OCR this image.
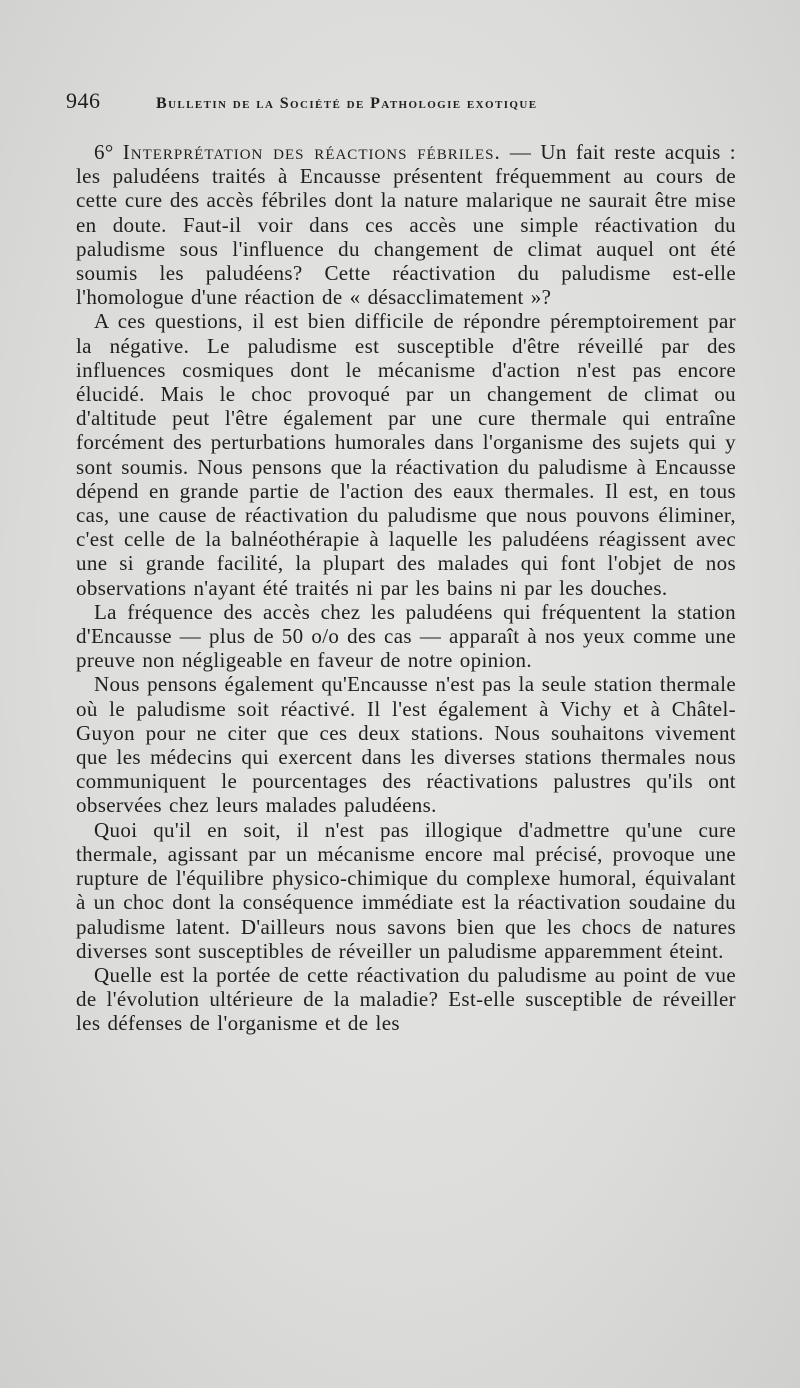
946	Bulletin de la Société de Pathologie exotique

6° Interprétation des réactions fébriles. — Un fait reste acquis : les paludéens traités à Encausse présentent fréquemment au cours de cette cure des accès fébriles dont la nature malarique ne saurait être mise en doute. Faut-il voir dans ces accès une simple réactivation du paludisme sous l'influence du changement de climat auquel ont été soumis les paludéens? Cette réactivation du paludisme est-elle l'homologue d'une réaction de « désacclimatement »?

A ces questions, il est bien difficile de répondre péremptoirement par la négative. Le paludisme est susceptible d'être réveillé par des influences cosmiques dont le mécanisme d'action n'est pas encore élucidé. Mais le choc provoqué par un changement de climat ou d'altitude peut l'être également par une cure thermale qui entraîne forcément des perturbations humorales dans l'organisme des sujets qui y sont soumis. Nous pensons que la réactivation du paludisme à Encausse dépend en grande partie de l'action des eaux thermales. Il est, en tous cas, une cause de réactivation du paludisme que nous pouvons éliminer, c'est celle de la balnéothérapie à laquelle les paludéens réagissent avec une si grande facilité, la plupart des malades qui font l'objet de nos observations n'ayant été traités ni par les bains ni par les douches.

La fréquence des accès chez les paludéens qui fréquentent la station d'Encausse — plus de 50 o/o des cas — apparaît à nos yeux comme une preuve non négligeable en faveur de notre opinion.

Nous pensons également qu'Encausse n'est pas la seule station thermale où le paludisme soit réactivé. Il l'est également à Vichy et à Châtel-Guyon pour ne citer que ces deux stations. Nous souhaitons vivement que les médecins qui exercent dans les diverses stations thermales nous communiquent le pourcentages des réactivations palustres qu'ils ont observées chez leurs malades paludéens.

Quoi qu'il en soit, il n'est pas illogique d'admettre qu'une cure thermale, agissant par un mécanisme encore mal précisé, provoque une rupture de l'équilibre physico-chimique du complexe humoral, équivalant à un choc dont la conséquence immédiate est la réactivation soudaine du paludisme latent. D'ailleurs nous savons bien que les chocs de natures diverses sont susceptibles de réveiller un paludisme apparemment éteint.

Quelle est la portée de cette réactivation du paludisme au point de vue de l'évolution ultérieure de la maladie? Est-elle susceptible de réveiller les défenses de l'organisme et de les
